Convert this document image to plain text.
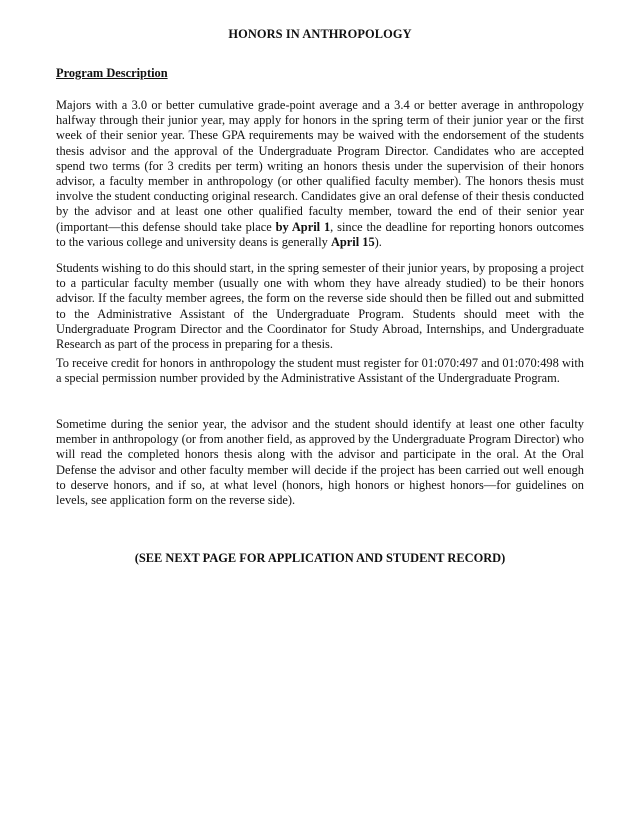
HONORS IN ANTHROPOLOGY
Program Description

Majors with a 3.0 or better cumulative grade-point average and a 3.4 or better average in anthropology halfway through their junior year, may apply for honors in the spring term of their junior year or the first week of their senior year. These GPA requirements may be waived with the endorsement of the students thesis advisor and the approval of the Undergraduate Program Director. Candidates who are accepted spend two terms (for 3 credits per term) writing an honors thesis under the supervision of their honors advisor, a faculty member in anthropology (or other qualified faculty member). The honors thesis must involve the student conducting original research. Candidates give an oral defense of their thesis conducted by the advisor and at least one other qualified faculty member, toward the end of their senior year (important—this defense should take place by April 1, since the deadline for reporting honors outcomes to the various college and university deans is generally April 15).

Students wishing to do this should start, in the spring semester of their junior years, by proposing a project to a particular faculty member (usually one with whom they have already studied) to be their honors advisor. If the faculty member agrees, the form on the reverse side should then be filled out and submitted to the Administrative Assistant of the Undergraduate Program. Students should meet with the Undergraduate Program Director and the Coordinator for Study Abroad, Internships, and Undergraduate Research as part of the process in preparing for a thesis.

To receive credit for honors in anthropology the student must register for 01:070:497 and 01:070:498 with a special permission number provided by the Administrative Assistant of the Undergraduate Program.

Sometime during the senior year, the advisor and the student should identify at least one other faculty member in anthropology (or from another field, as approved by the Undergraduate Program Director) who will read the completed honors thesis along with the advisor and participate in the oral. At the Oral Defense the advisor and other faculty member will decide if the project has been carried out well enough to deserve honors, and if so, at what level (honors, high honors or highest honors—for guidelines on levels, see application form on the reverse side).

(SEE NEXT PAGE FOR APPLICATION AND STUDENT RECORD)
